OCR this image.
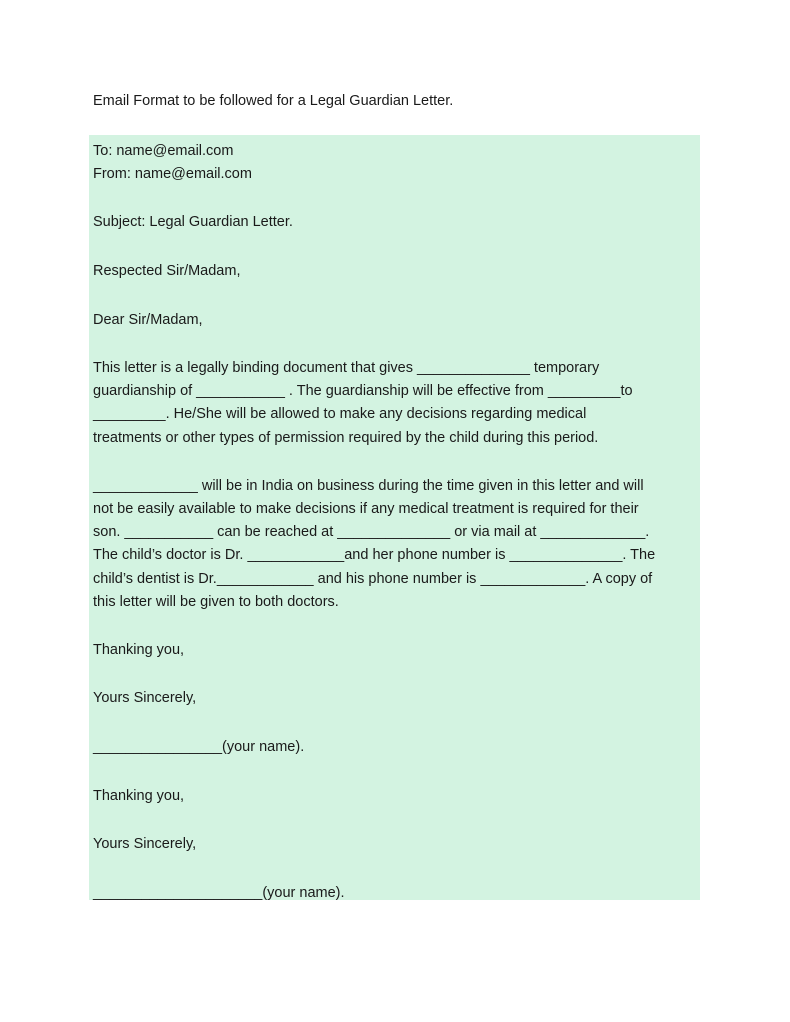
Email Format to be followed for a Legal Guardian Letter.
To: name@email.com
From: name@email.com
Subject: Legal Guardian Letter.
Respected Sir/Madam,
Dear Sir/Madam,
This letter is a legally binding document that gives ______________ temporary
guardianship of ___________ . The guardianship will be effective from _________to
_________. He/She will be allowed to make any decisions regarding medical
treatments or other types of permission required by the child during this period.
_____________ will be in India on business during the time given in this letter and will
not be easily available to make decisions if any medical treatment is required for their
son. ___________ can be reached at ______________ or via mail at _____________.
The child’s doctor is Dr. ____________and her phone number is ______________. The
child’s dentist is Dr.____________ and his phone number is _____________. A copy of
this letter will be given to both doctors.
Thanking you,
Yours Sincerely,
________________(your name).
Thanking you,
Yours Sincerely,
_____________________(your name).
